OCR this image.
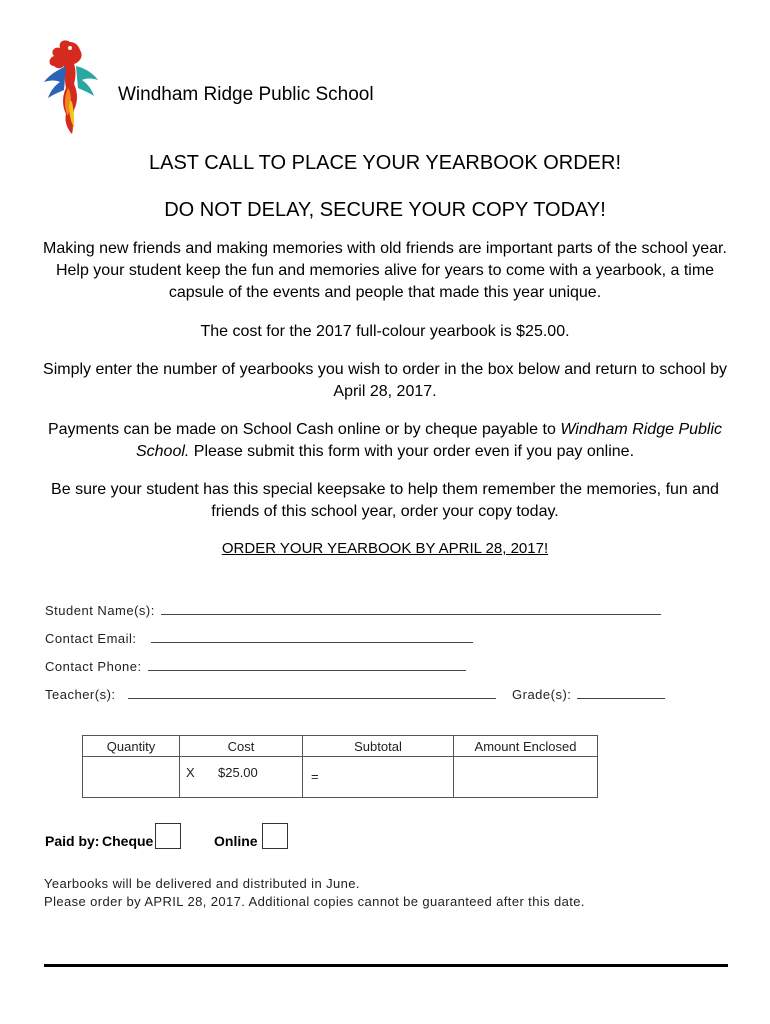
Windham Ridge Public School
LAST CALL TO PLACE YOUR YEARBOOK ORDER!
DO NOT DELAY, SECURE YOUR COPY TODAY!
Making new friends and making memories with old friends are important parts of the school year. Help your student keep the fun and memories alive for years to come with a yearbook, a time capsule of the events and people that made this year unique.
The cost for the 2017 full-colour yearbook is $25.00.
Simply enter the number of yearbooks you wish to order in the box below and return to school by April 28, 2017.
Payments can be made on School Cash online or by cheque payable to Windham Ridge Public School. Please submit this form with your order even if you pay online.
Be sure your student has this special keepsake to help them remember the memories, fun and friends of this school year, order your copy today.
ORDER YOUR YEARBOOK BY APRIL 28, 2017!
Student Name(s):
Contact Email:
Contact Phone:
Teacher(s):	Grade(s):
Quantity	Cost	Subtotal	Amount Enclosed

	X $25.00	=	

Paid by: Cheque	Online
Yearbooks will be delivered and distributed in June.
Please order by APRIL 28, 2017. Additional copies cannot be guaranteed after this date.
